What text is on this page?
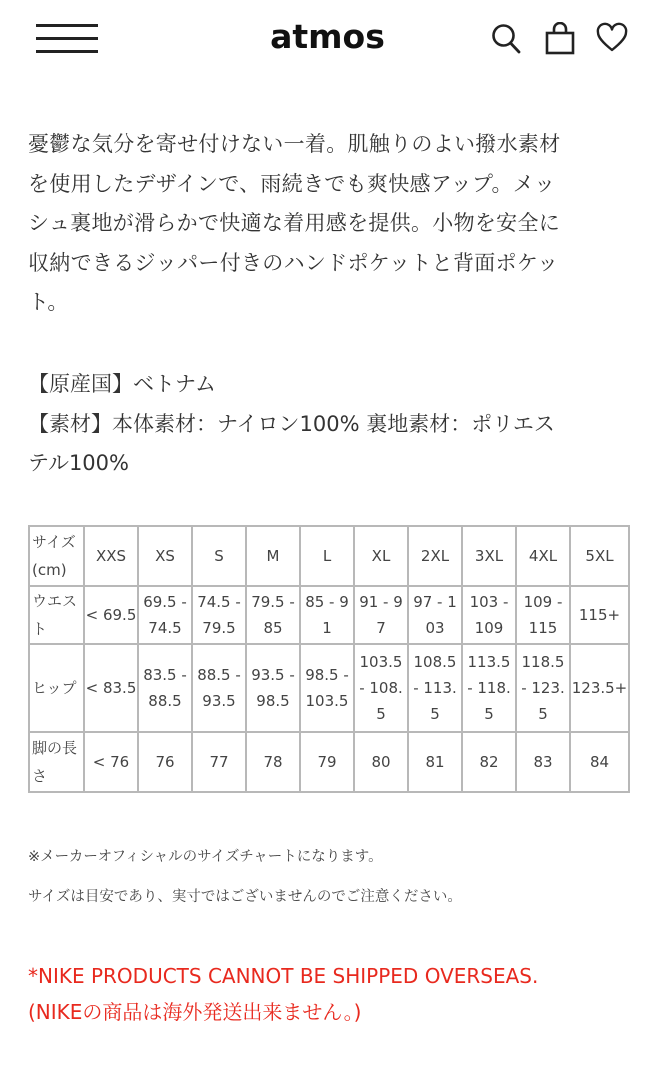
atmos
憂鬱な気分を寄せ付けない一着。肌触りのよい撥水素材
を使用したデザインで、雨続きでも爽快感アップ。メッ
シュ裏地が滑らかで快適な着用感を提供。小物を安全に
収納できるジッパー付きのハンドポケットと背面ポケッ
ト。
【原産国】ベトナム
【素材】本体素材：ナイロン100% 裏地素材：ポリエス
テル100%
サイズ(cm)	XXS	XS	S	M	L	XL	2XL	3XL	4XL	5XL
ウエスト	< 69.5	69.5 - 74.5	74.5 - 79.5	79.5 - 85	85 - 91	91 - 97	97 - 103	103 - 109	109 - 115	115+
ヒップ	< 83.5	83.5 - 88.5	88.5 - 93.5	93.5 - 98.5	98.5 - 103.5	103.5 - 108.5	108.5 - 113.5	113.5 - 118.5	118.5 - 123.5	123.5+
脚の長さ	< 76	76	77	78	79	80	81	82	83	84
※メーカーオフィシャルのサイズチャートになります。
サイズは目安であり、実寸ではございませんのでご注意ください。
*NIKE PRODUCTS CANNOT BE SHIPPED OVERSEAS.
(NIKEの商品は海外発送出来ません。)
